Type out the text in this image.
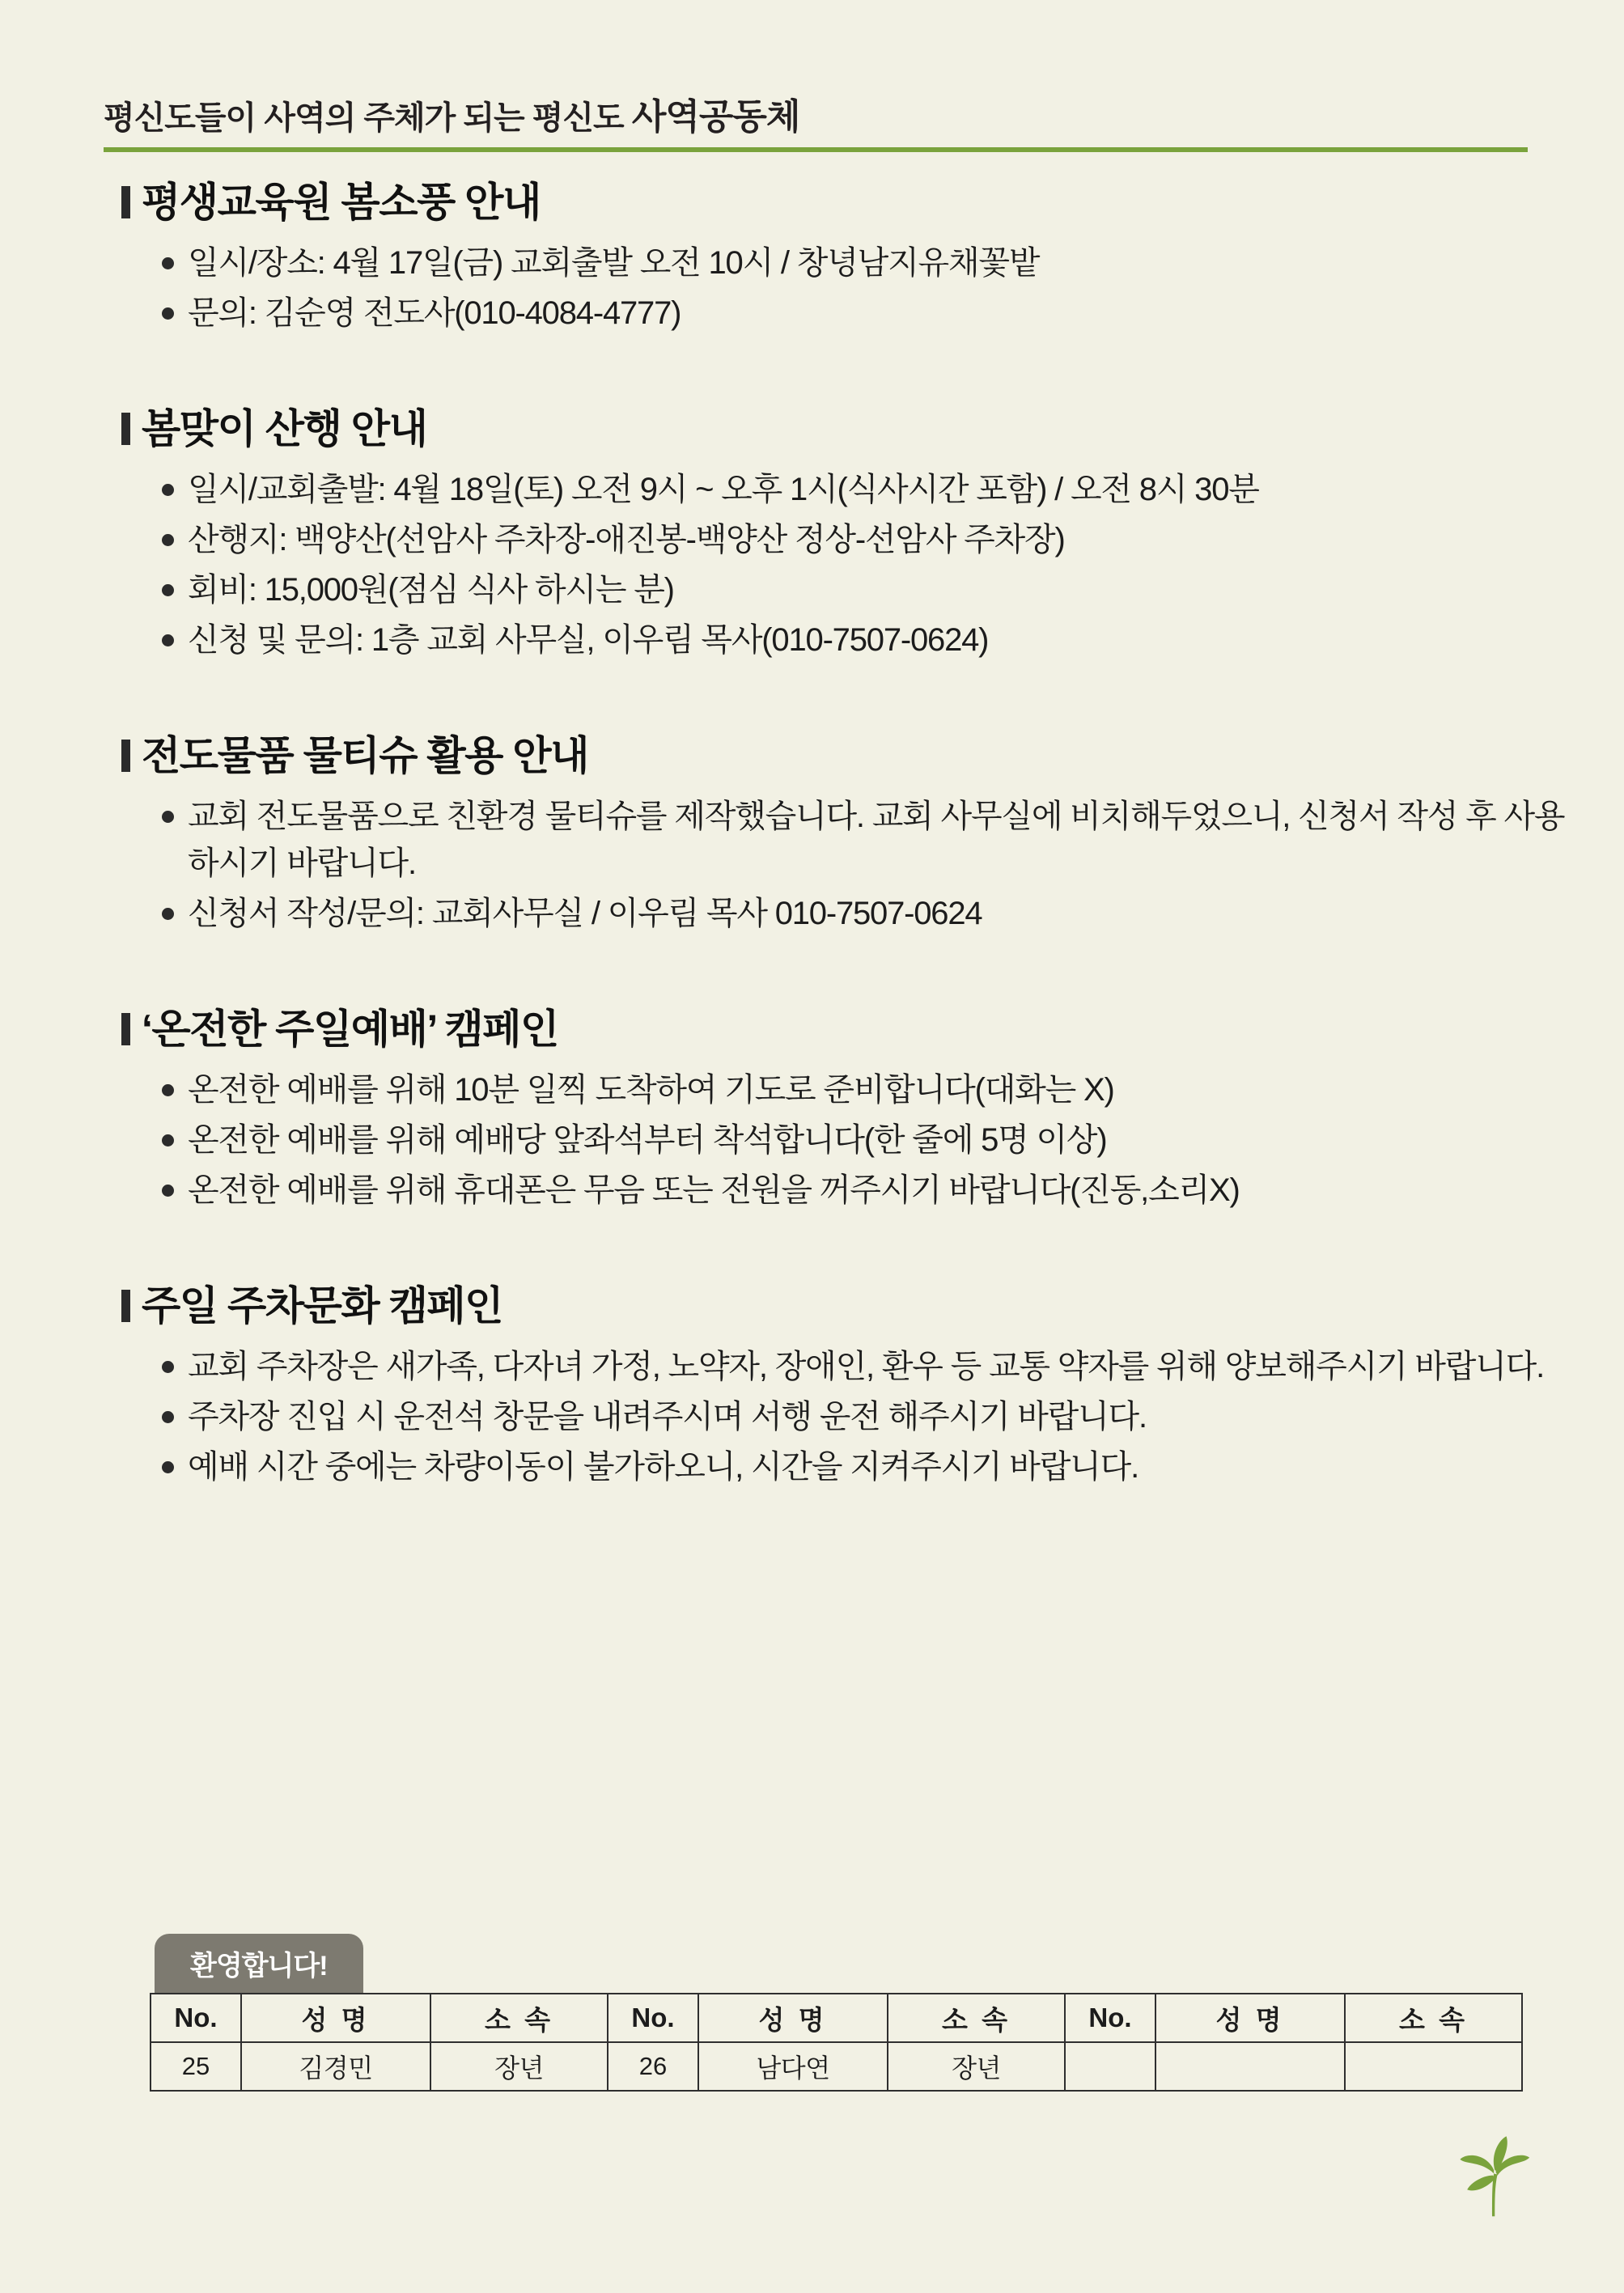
평신도들이 사역의 주체가 되는 평신도 사역공동체
평생교육원 봄소풍 안내
일시/장소: 4월 17일(금) 교회출발 오전 10시 / 창녕남지유채꽃밭
문의: 김순영 전도사(010-4084-4777)
봄맞이 산행 안내
일시/교회출발: 4월 18일(토) 오전 9시 ~ 오후 1시(식사시간 포함) / 오전 8시 30분
산행지: 백양산(선암사 주차장-애진봉-백양산 정상-선암사 주차장)
회비: 15,000원(점심 식사 하시는 분)
신청 및 문의: 1층 교회 사무실, 이우림 목사(010-7507-0624)
전도물품 물티슈 활용 안내
교회 전도물품으로 친환경 물티슈를 제작했습니다. 교회 사무실에 비치해두었으니, 신청서 작성 후 사용하시기 바랍니다.
신청서 작성/문의: 교회사무실 / 이우림 목사 010-7507-0624
‘온전한 주일예배’ 캠페인
온전한 예배를 위해 10분 일찍 도착하여 기도로 준비합니다(대화는 X)
온전한 예배를 위해 예배당 앞좌석부터 착석합니다(한 줄에 5명 이상)
온전한 예배를 위해 휴대폰은 무음 또는 전원을 꺼주시기 바랍니다(진동,소리X)
주일 주차문화 캠페인
교회 주차장은 새가족, 다자녀 가정, 노약자, 장애인, 환우 등 교통 약자를 위해 양보해주시기 바랍니다.
주차장 진입 시 운전석 창문을 내려주시며 서행 운전 해주시기 바랍니다.
예배 시간 중에는 차량이동이 불가하오니, 시간을 지켜주시기 바랍니다.
환영합니다!
No.	성 명	소 속	No.	성 명	소 속	No.	성 명	소 속
25	김경민	장년	26	남다연	장년			
